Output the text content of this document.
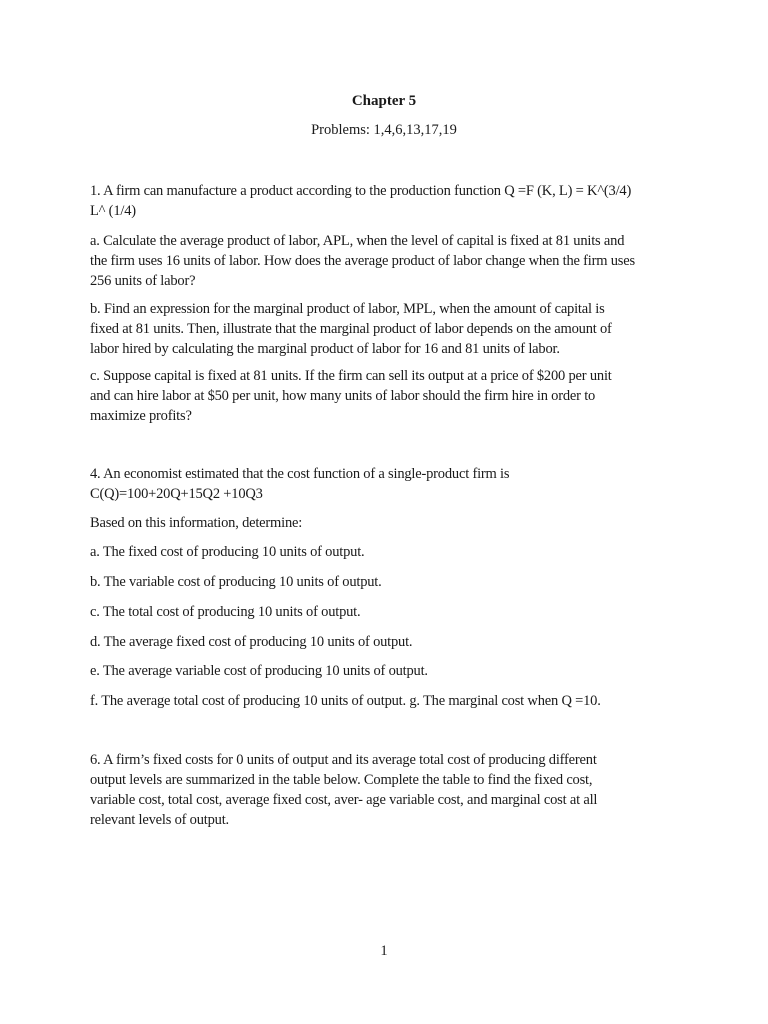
Chapter 5
Problems: 1,4,6,13,17,19
1. A firm can manufacture a product according to the production function Q =F (K, L) = K^(3/4)
L^ (1/4)
a. Calculate the average product of labor, APL, when the level of capital is fixed at 81 units and
the firm uses 16 units of labor. How does the average product of labor change when the firm uses
256 units of labor?
b. Find an expression for the marginal product of labor, MPL, when the amount of capital is
fixed at 81 units. Then, illustrate that the marginal product of labor depends on the amount of
labor hired by calculating the marginal product of labor for 16 and 81 units of labor.
c. Suppose capital is fixed at 81 units. If the firm can sell its output at a price of $200 per unit
and can hire labor at $50 per unit, how many units of labor should the firm hire in order to
maximize profits?
4. An economist estimated that the cost function of a single-product firm is
C(Q)=100+20Q+15Q2 +10Q3
Based on this information, determine:
a. The fixed cost of producing 10 units of output.
b. The variable cost of producing 10 units of output.
c. The total cost of producing 10 units of output.
d. The average fixed cost of producing 10 units of output.
e. The average variable cost of producing 10 units of output.
f. The average total cost of producing 10 units of output. g. The marginal cost when Q =10.
6. A firm’s fixed costs for 0 units of output and its average total cost of producing different
output levels are summarized in the table below. Complete the table to find the fixed cost,
variable cost, total cost, average fixed cost, aver- age variable cost, and marginal cost at all
relevant levels of output.
1
